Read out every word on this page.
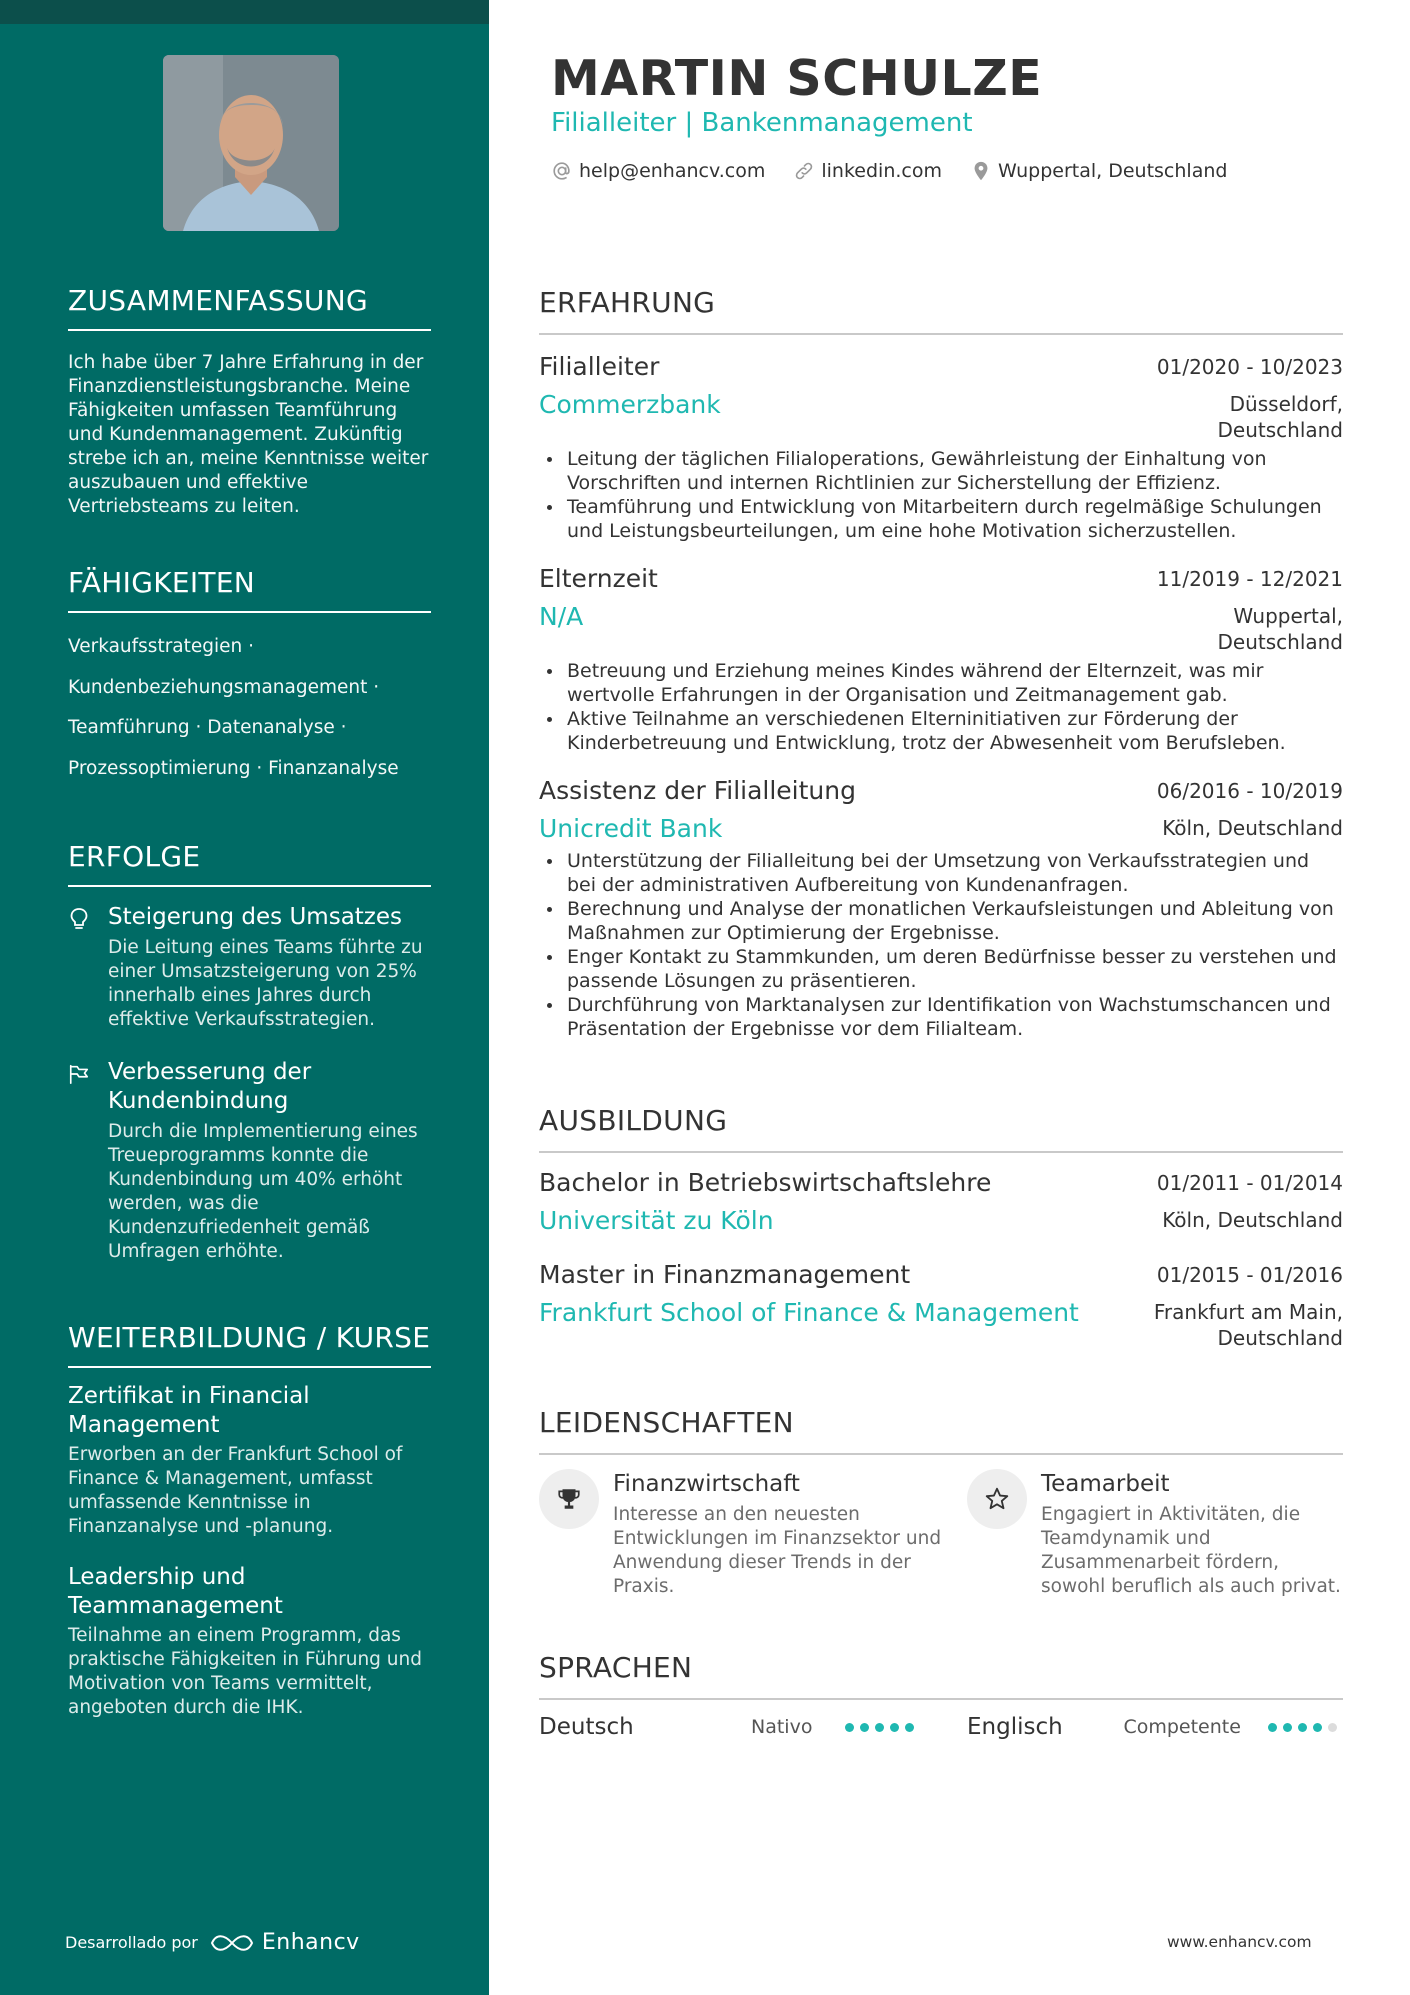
ZUSAMMENFASSUNG

Ich habe über 7 Jahre Erfahrung in der Finanzdienstleistungsbranche. Meine Fähigkeiten umfassen Teamführung und Kundenmanagement. Zukünftig strebe ich an, meine Kenntnisse weiter auszubauen und effektive Vertriebsteams zu leiten.

FÄHIGKEITEN
Verkaufsstrategien ·
Kundenbeziehungsmanagement ·
Teamführung · Datenanalyse ·
Prozessoptimierung · Finanzanalyse
ERFOLGE
Steigerung des Umsatzes
Die Leitung eines Teams führte zu einer Umsatzsteigerung von 25% innerhalb eines Jahres durch effektive Verkaufsstrategien.
Verbesserung der Kundenbindung
Durch die Implementierung eines Treueprogramms konnte die Kundenbindung um 40% erhöht werden, was die Kundenzufriedenheit gemäß Umfragen erhöhte.
WEITERBILDUNG / KURSE
Zertifikat in Financial Management
Erworben an der Frankfurt School of Finance & Management, umfasst umfassende Kenntnisse in Finanzanalyse und -planung.
Leadership und Teammanagement
Teilnahme an einem Programm, das praktische Fähigkeiten in Führung und Motivation von Teams vermittelt, angeboten durch die IHK.
Desarrollado por	Enhancv
MARTIN SCHULZE
Filialleiter | Bankenmanagement
help@enhancv.com	linkedin.com	Wuppertal, Deutschland
ERFAHRUNG
Filialleiter	01/2020 - 10/2023
Commerzbank	Düsseldorf, Deutschland
Leitung der täglichen Filialoperations, Gewährleistung der Einhaltung von Vorschriften und internen Richtlinien zur Sicherstellung der Effizienz.
Teamführung und Entwicklung von Mitarbeitern durch regelmäßige Schulungen und Leistungsbeurteilungen, um eine hohe Motivation sicherzustellen.
Elternzeit	11/2019 - 12/2021
N/A	Wuppertal, Deutschland
Betreuung und Erziehung meines Kindes während der Elternzeit, was mir wertvolle Erfahrungen in der Organisation und Zeitmanagement gab.
Aktive Teilnahme an verschiedenen Elterninitiativen zur Förderung der Kinderbetreuung und Entwicklung, trotz der Abwesenheit vom Berufsleben.
Assistenz der Filialleitung	06/2016 - 10/2019
Unicredit Bank	Köln, Deutschland
Unterstützung der Filialleitung bei der Umsetzung von Verkaufsstrategien und bei der administrativen Aufbereitung von Kundenanfragen.
Berechnung und Analyse der monatlichen Verkaufsleistungen und Ableitung von Maßnahmen zur Optimierung der Ergebnisse.
Enger Kontakt zu Stammkunden, um deren Bedürfnisse besser zu verstehen und passende Lösungen zu präsentieren.
Durchführung von Marktanalysen zur Identifikation von Wachstumschancen und Präsentation der Ergebnisse vor dem Filialteam.
AUSBILDUNG
Bachelor in Betriebswirtschaftslehre	01/2011 - 01/2014
Universität zu Köln	Köln, Deutschland
Master in Finanzmanagement	01/2015 - 01/2016
Frankfurt School of Finance & Management	Frankfurt am Main, Deutschland
LEIDENSCHAFTEN
Finanzwirtschaft
Interesse an den neuesten Entwicklungen im Finanzsektor und Anwendung dieser Trends in der Praxis.
Teamarbeit
Engagiert in Aktivitäten, die Teamdynamik und Zusammenarbeit fördern, sowohl beruflich als auch privat.
SPRACHEN
Deutsch	Nativo	Englisch	Competente
www.enhancv.com
